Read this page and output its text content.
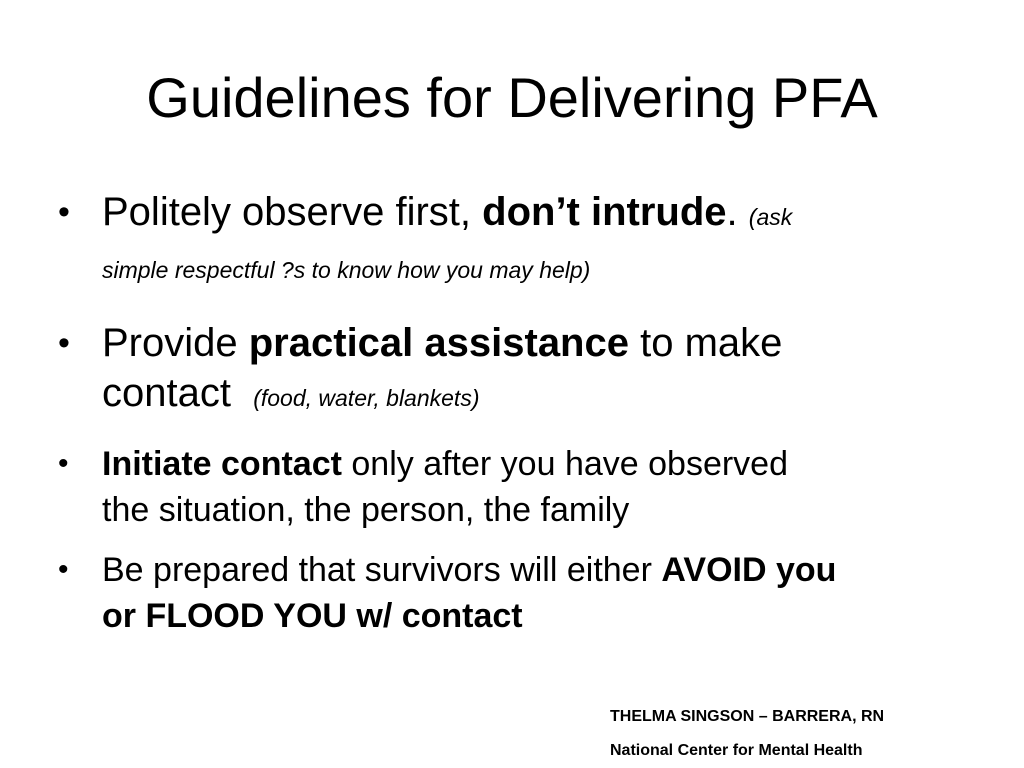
Guidelines for Delivering PFA
• Politely observe first, don’t intrude. (ask
simple respectful ?s to know how you may help)
• Provide practical assistance to make
contact (food, water, blankets)
• Initiate contact only after you have observed
the situation, the person, the family
• Be prepared that survivors will either AVOID you
or FLOOD YOU w/ contact
THELMA SINGSON – BARRERA, RN
National Center for Mental Health
